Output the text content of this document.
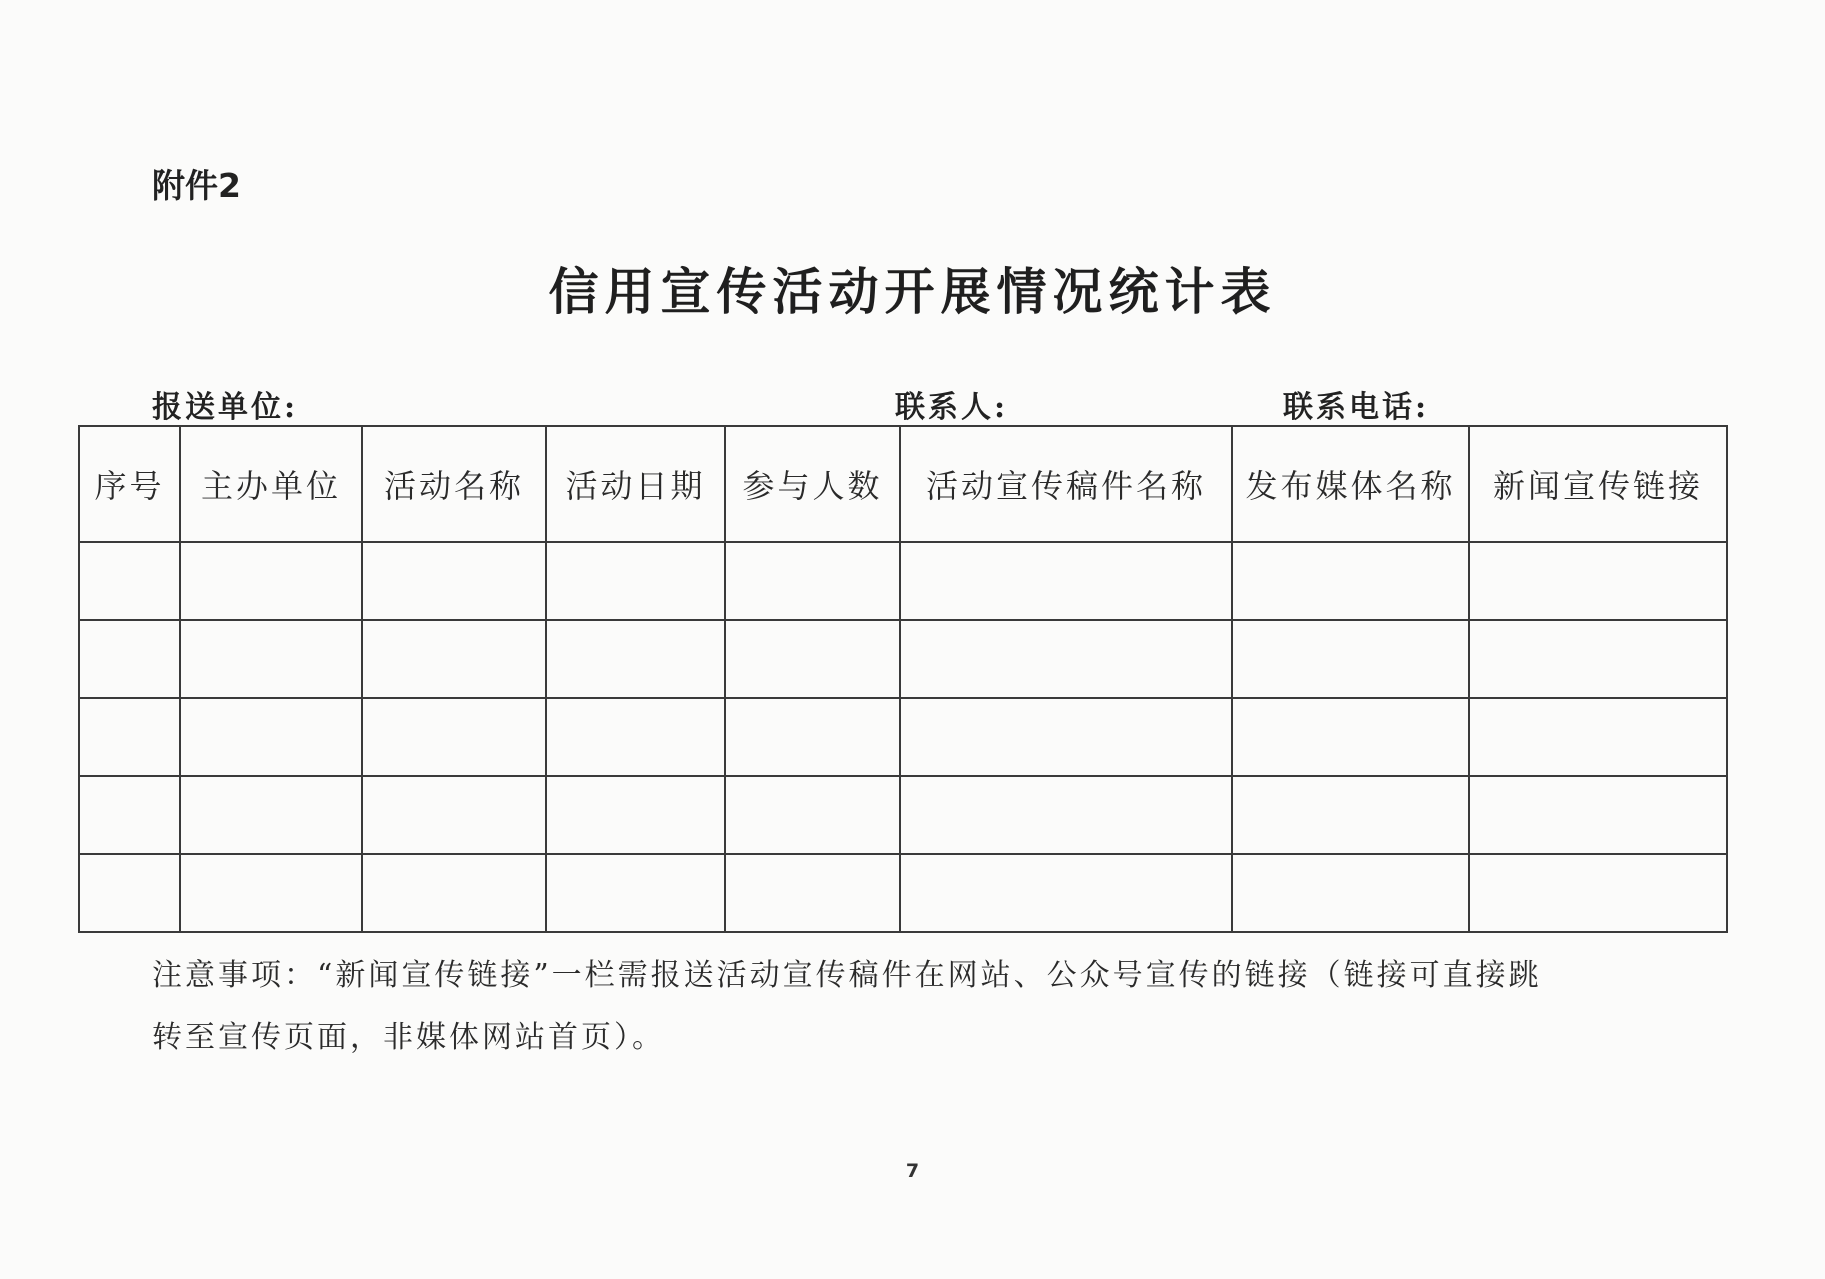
附件2
信用宣传活动开展情况统计表
报送单位:	联系人:	联系电话:
序号	主办单位	活动名称	活动日期	参与人数	活动宣传稿件名称	发布媒体名称	新闻宣传链接

注意事项：“新闻宣传链接”一栏需报送活动宣传稿件在网站、公众号宣传的链接（链接可直接跳
转至宣传页面，非媒体网站首页）。
7
